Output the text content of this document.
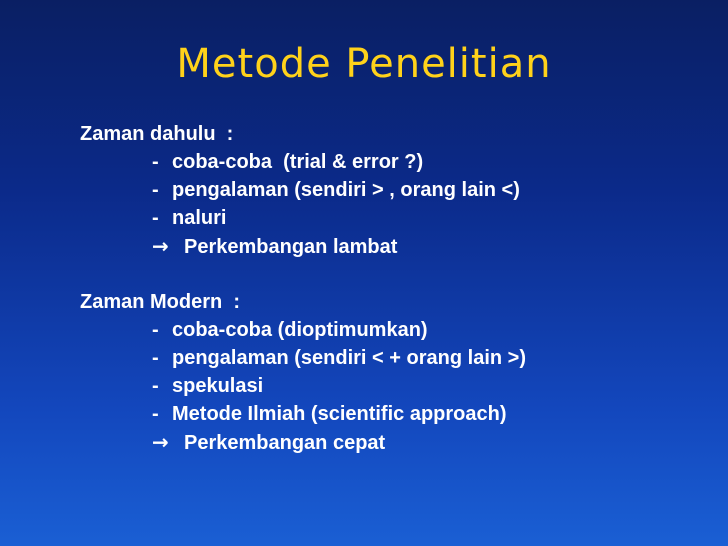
Metode Penelitian
Zaman dahulu  :
- coba-coba  (trial & error ?)
- pengalaman (sendiri > , orang lain <)
- naluri
→ Perkembangan lambat
Zaman Modern  :
- coba-coba (dioptimumkan)
- pengalaman (sendiri < + orang lain >)
- spekulasi
- Metode Ilmiah (scientific approach)
→ Perkembangan cepat
